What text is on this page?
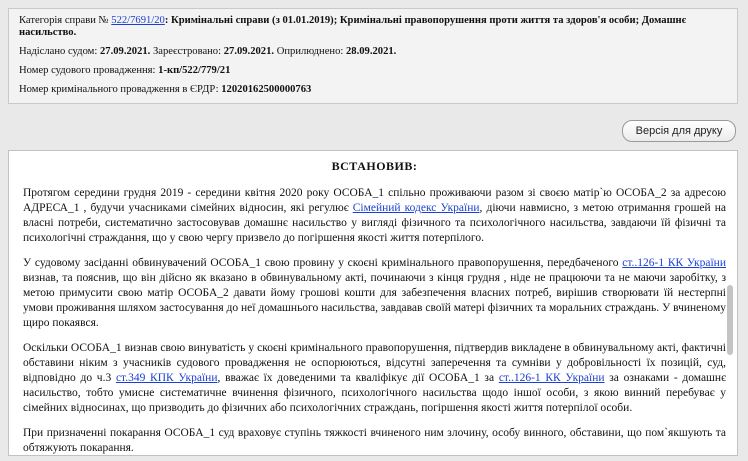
Категорія справи № 522/7691/20: Кримінальні справи (з 01.01.2019); Кримінальні правопорушення проти життя та здоров'я особи; Домашнє
насильство.
Надіслано судом: 27.09.2021. Зареєстровано: 27.09.2021. Оприлюднено: 28.09.2021.
Номер судового провадження: 1-кп/522/779/21
Номер кримінального провадження в ЄРДР: 12020162500000763
Версія для друку
ВСТАНОВИВ:

Протягом середини грудня 2019 - середини квітня 2020 року ОСОБА_1 спільно проживаючи разом зі своєю матір`ю ОСОБА_2 за адресою АДРЕСА_1 , будучи учасниками сімейних відносин, які регулює Сімейний кодекс України, діючи навмисно, з метою отримання грошей на власні потреби, систематично застосовував домашнє насильство у вигляді фізичного та психологічного насильства, завдаючи їй фізичні та психологічні страждання, що у свою чергу призвело до погіршення якості життя потерпілого.

У судовому засіданні обвинувачений ОСОБА_1 свою провину у скоєні кримінального правопорушення, передбаченого ст..126-1 КК України визнав, та пояснив, що він дійсно як вказано в обвинувальному акті, починаючи з кінця грудня , ніде не працюючи та не маючи заробітку, з метою примусити свою матір ОСОБА_2 давати йому грошові кошти для забезпечення власних потреб, вирішив створювати їй нестерпні умови проживання шляхом застосування до неї домашнього насильства, завдавав своїй матері фізичних та моральних страждань. У вчиненому щиро покаявся.

Оскільки ОСОБА_1 визнав свою винуватість у скоєні кримінального правопорушення, підтвердив викладене в обвинувальному акті, фактичні обставини ніким з учасників судового провадження не оспорюються, відсутні заперечення та сумніви у добровільності їх позицій, суд, відповідно до ч.3 ст.349 КПК України, вважає їх доведеними та кваліфікує дії ОСОБА_1 за ст..126-1 КК України за ознаками - домашнє насильство, тобто умисне систематичне вчинення фізичного, психологічного насильства щодо іншої особи, з якою винний перебуває у сімейних відносинах, що призводить до фізичних або психологічних страждань, погіршення якості життя потерпілої особи.

При призначенні покарання ОСОБА_1 суд враховує ступінь тяжкості вчиненого ним злочину, особу винного, обставини, що пом`якшують та обтяжують покарання.
